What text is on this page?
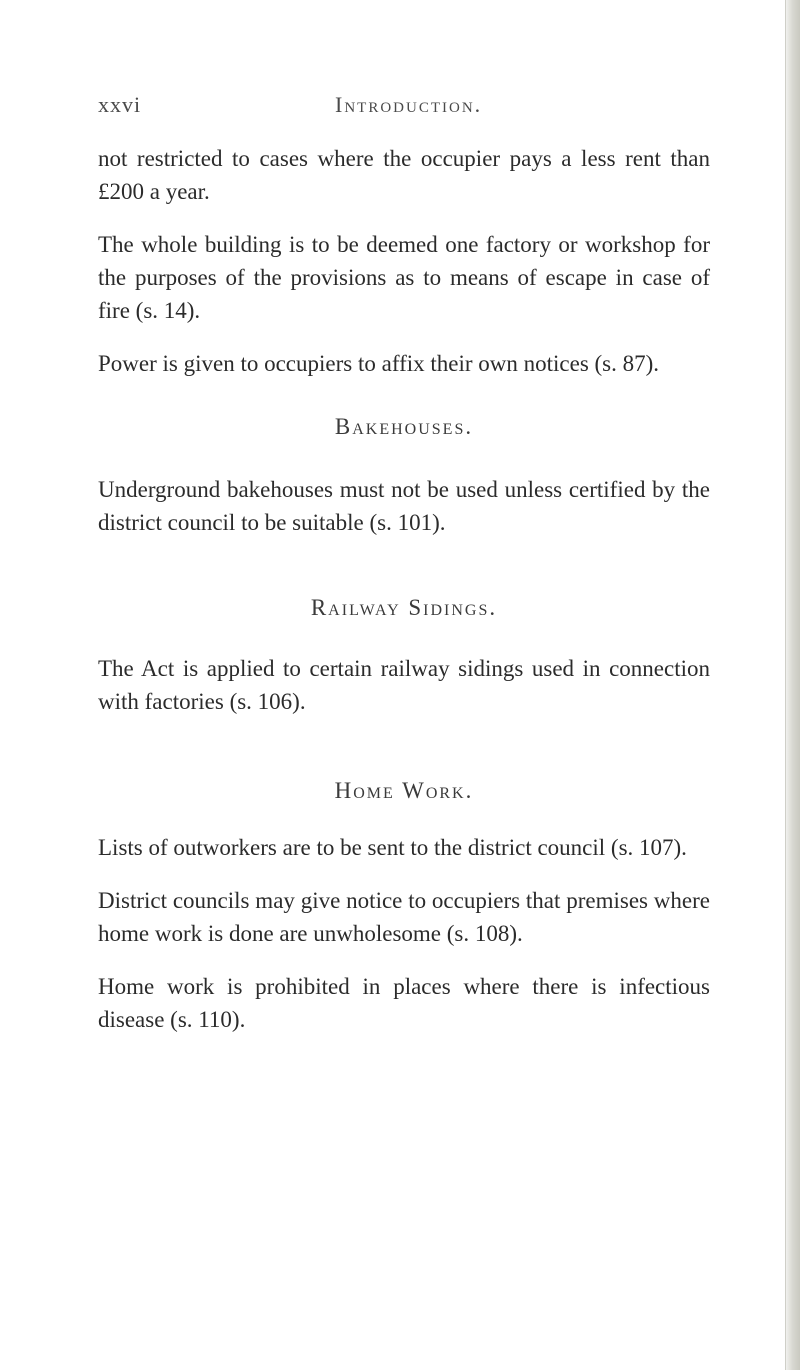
xxvi	Introduction.

not restricted to cases where the occupier pays a less rent than £200 a year.

The whole building is to be deemed one factory or workshop for the purposes of the provisions as to means of escape in case of fire (s. 14).

Power is given to occupiers to affix their own notices (s. 87).

Bakehouses.

Underground bakehouses must not be used unless certified by the district council to be suitable (s. 101).

Railway Sidings.

The Act is applied to certain railway sidings used in connection with factories (s. 106).

Home Work.

Lists of outworkers are to be sent to the district council (s. 107).

District councils may give notice to occupiers that premises where home work is done are unwholesome (s. 108).

Home work is prohibited in places where there is infectious disease (s. 110).
